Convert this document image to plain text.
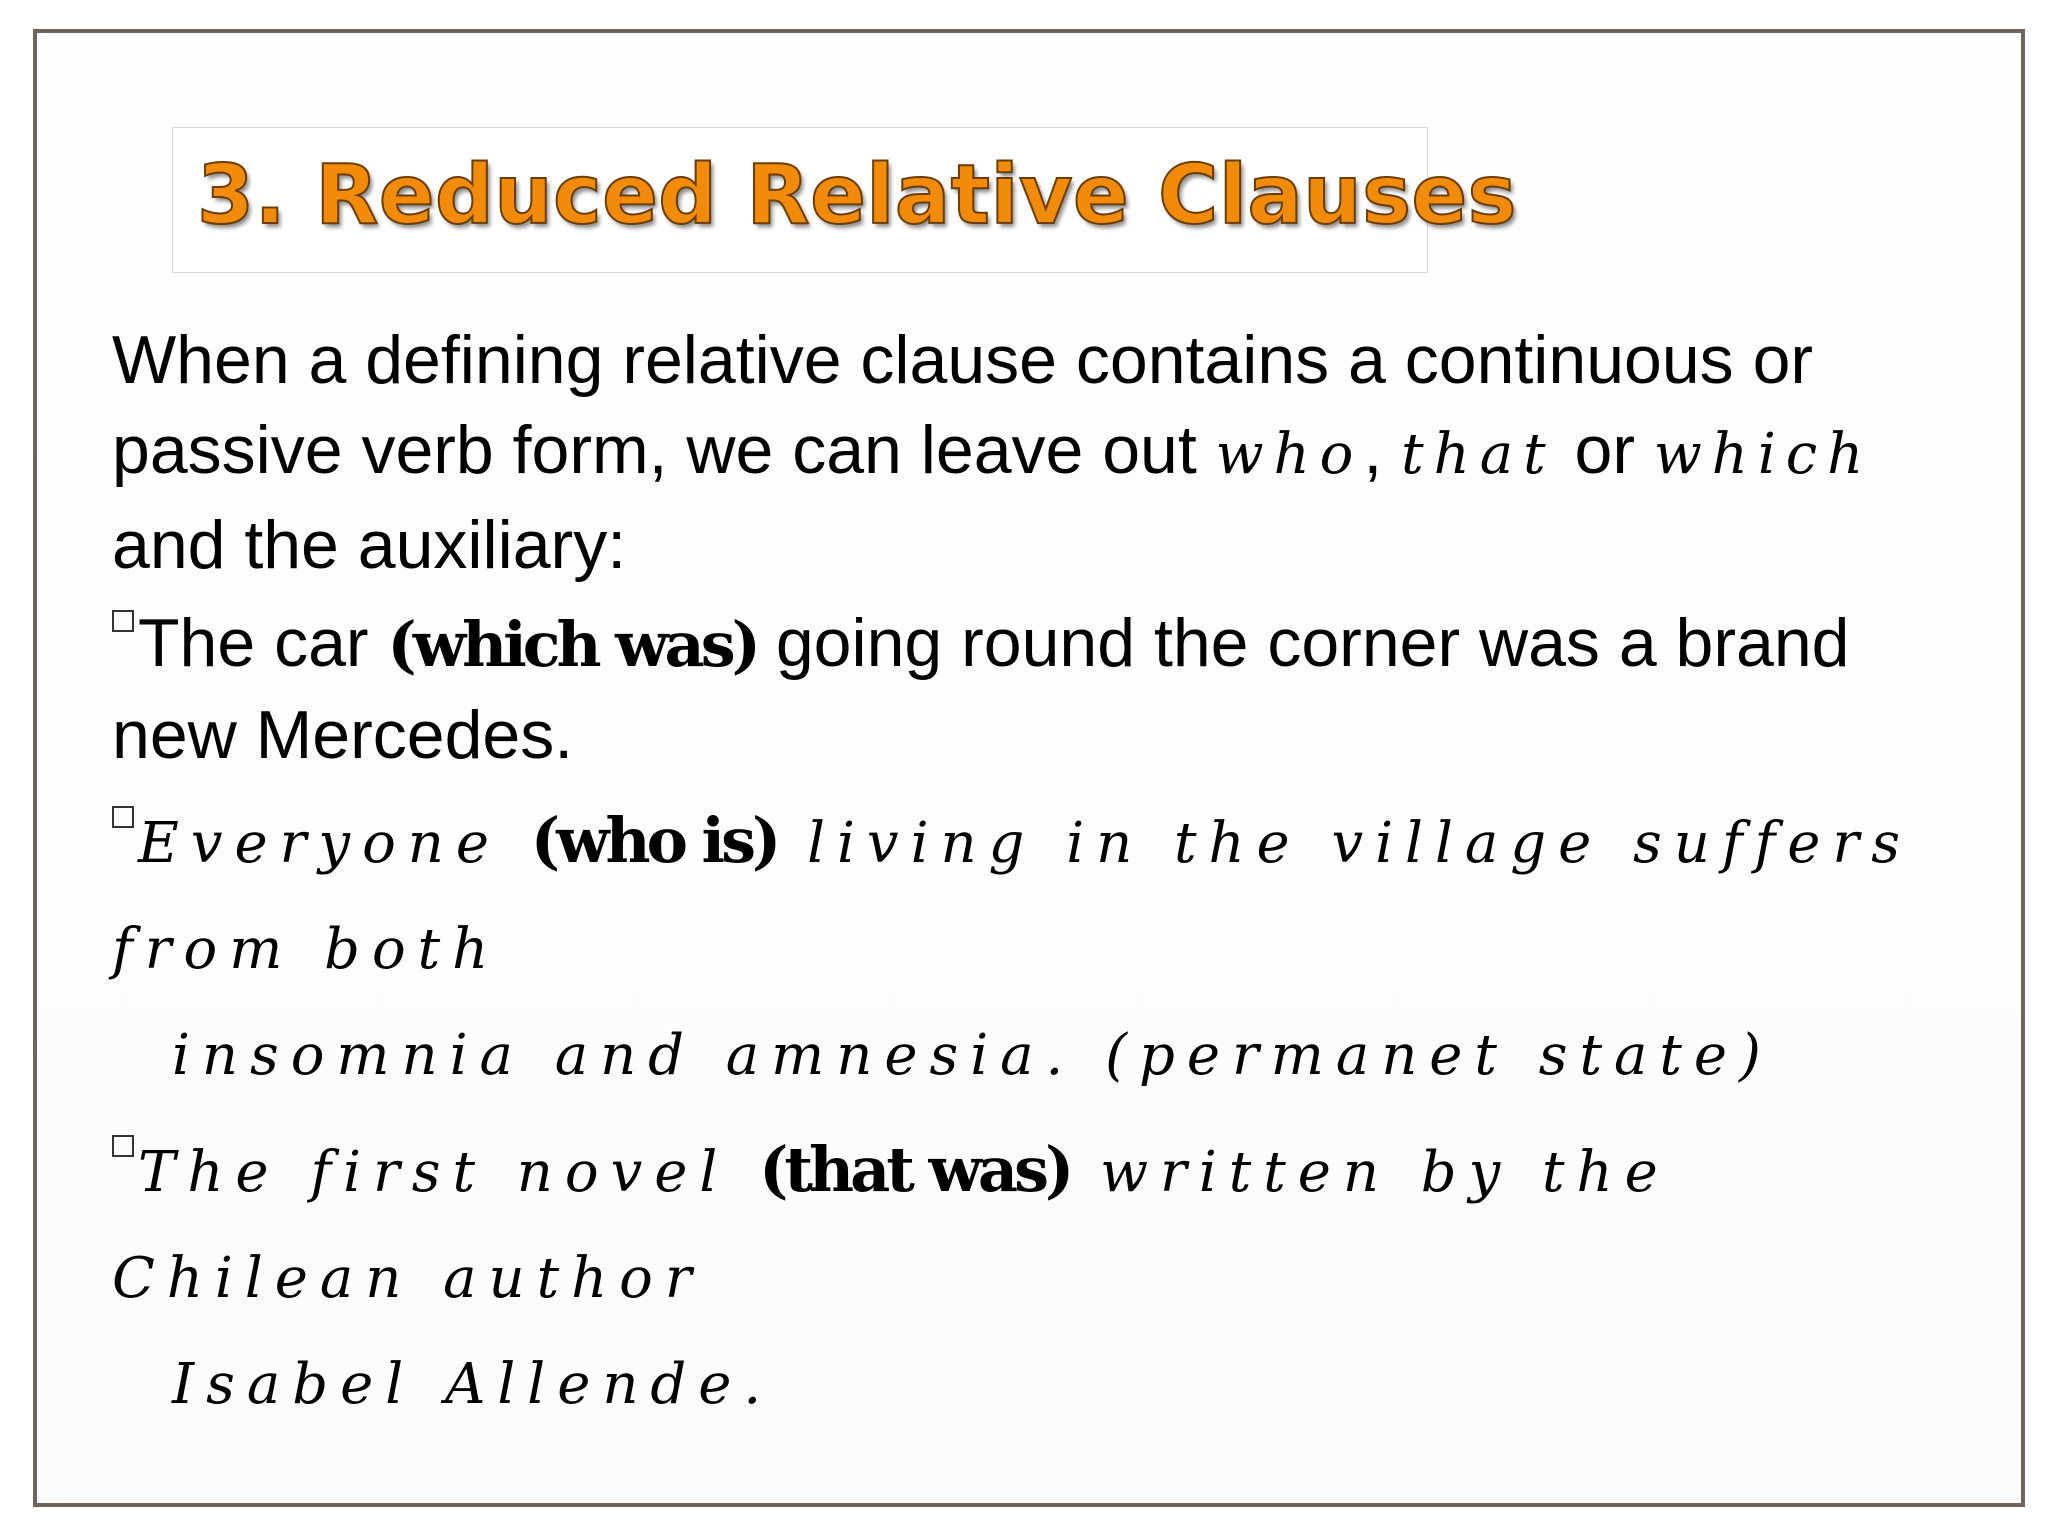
3. Reduced Relative Clauses

When a defining relative clause contains a continuous or passive verb form, we can leave out who, that or which and the auxiliary:

The car (which was) going round the corner was a brand new Mercedes.

Everyone (who is) living in the village suffers from both
insomnia and amnesia. (permanet state)

The first novel (that was) written by the Chilean author
Isabel Allende.
